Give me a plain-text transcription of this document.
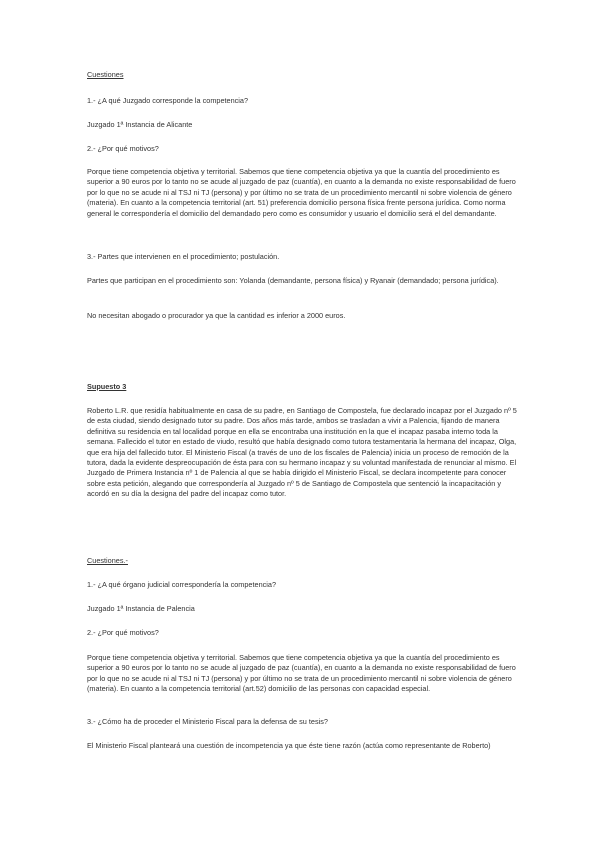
Cuestiones

1.- ¿A qué Juzgado corresponde la competencia?

Juzgado 1ª Instancia de Alicante

2.- ¿Por qué motivos?

Porque tiene competencia objetiva y territorial. Sabemos que tiene competencia objetiva ya que la cuantía del procedimiento es superior a 90 euros por lo tanto no se acude al juzgado de paz (cuantía), en cuanto a la demanda no existe responsabilidad de fuero por lo que no se acude ni al TSJ ni TJ (persona) y por último no se trata de un procedimiento mercantil ni sobre violencia de género (materia). En cuanto a la competencia territorial (art. 51) preferencia domicilio persona física frente persona jurídica. Como norma general le correspondería el domicilio del demandado pero como es consumidor y usuario el domicilio será el del demandante.

3.- Partes que intervienen en el procedimiento; postulación.

Partes que participan en el procedimiento son: Yolanda (demandante, persona física) y Ryanair (demandado; persona jurídica).

No necesitan abogado o procurador ya que la cantidad es inferior a 2000 euros.

Supuesto 3

Roberto L.R. que residía habitualmente en casa de su padre, en Santiago de Compostela, fue declarado incapaz por el Juzgado nº 5 de esta ciudad, siendo designado tutor su padre. Dos años más tarde, ambos se trasladan a vivir a Palencia, fijando de manera definitiva su residencia en tal localidad porque en ella se encontraba una institución en la que el incapaz pasaba interno toda la semana. Fallecido el tutor en estado de viudo, resultó que había designado como tutora testamentaria la hermana del incapaz, Olga, que era hija del fallecido tutor. El Ministerio Fiscal (a través de uno de los fiscales de Palencia) inicia un proceso de remoción de la tutora, dada la evidente despreocupación de ésta para con su hermano incapaz y su voluntad manifestada de renunciar al mismo. El Juzgado de Primera Instancia nº 1 de Palencia al que se había dirigido el Ministerio Fiscal, se declara incompetente para conocer sobre esta petición, alegando que correspondería al Juzgado nº 5 de Santiago de Compostela que sentenció la incapacitación y acordó en su día la designa del padre del incapaz como tutor.

Cuestiones.-

1.- ¿A qué órgano judicial correspondería la competencia?

Juzgado 1ª Instancia de Palencia

2.- ¿Por qué motivos?

Porque tiene competencia objetiva y territorial. Sabemos que tiene competencia objetiva ya que la cuantía del procedimiento es superior a 90 euros por lo tanto no se acude al juzgado de paz (cuantía), en cuanto a la demanda no existe responsabilidad de fuero por lo que no se acude ni al TSJ ni TJ (persona) y por último no se trata de un procedimiento mercantil ni sobre violencia de género (materia). En cuanto a la competencia territorial (art.52) domicilio de las personas con capacidad especial.

3.- ¿Cómo ha de proceder el Ministerio Fiscal para la defensa de su tesis?

El Ministerio Fiscal planteará una cuestión de incompetencia ya que éste tiene razón (actúa como representante de Roberto)
